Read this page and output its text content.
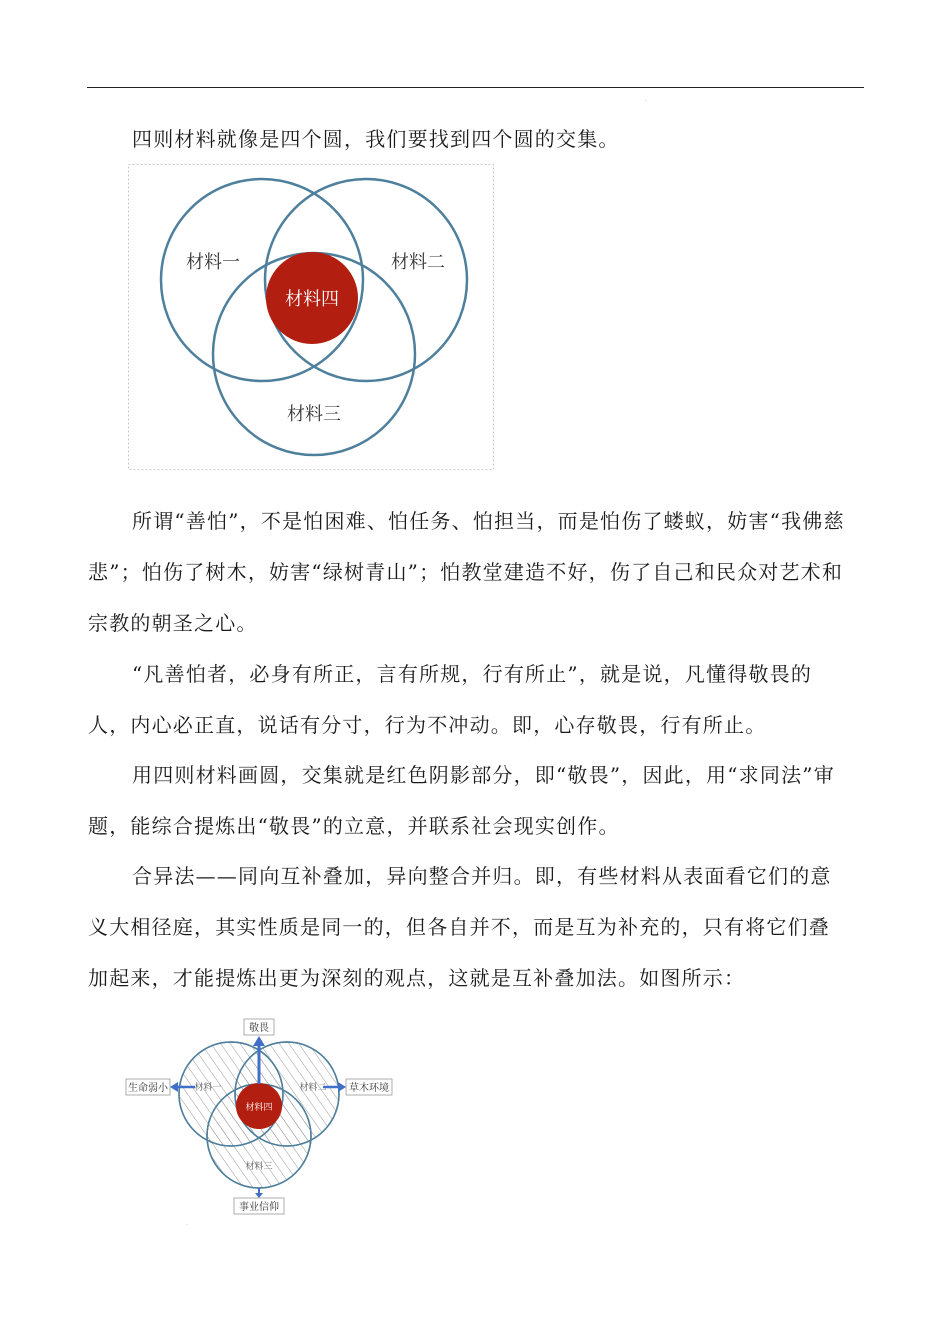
.

四则材料就像是四个圆，我们要找到四个圆的交集。

材料一	材料二
材料三
材料四

所谓“善怕”，不是怕困难、怕任务、怕担当，而是怕伤了蝼蚁，妨害“我佛慈悲”；怕伤了树木，妨害“绿树青山”；怕教堂建造不好，伤了自己和民众对艺术和宗教的朝圣之心。

“凡善怕者，必身有所正，言有所规，行有所止”，就是说，凡懂得敬畏的人，内心必正直，说话有分寸，行为不冲动。即，心存敬畏，行有所止。

用四则材料画圆，交集就是红色阴影部分，即“敬畏”，因此，用“求同法”审题，能综合提炼出“敬畏”的立意，并联系社会现实创作。

合异法——同向互补叠加，异向整合并归。即，有些材料从表面看它们的意义大相径庭，其实性质是同一的，但各自并不，而是互为补充的，只有将它们叠加起来，才能提炼出更为深刻的观点，这就是互补叠加法。如图所示：

敬畏
生命弱小	草木环境
事业信仰
材料一	材料二
材料三
材料四
.
